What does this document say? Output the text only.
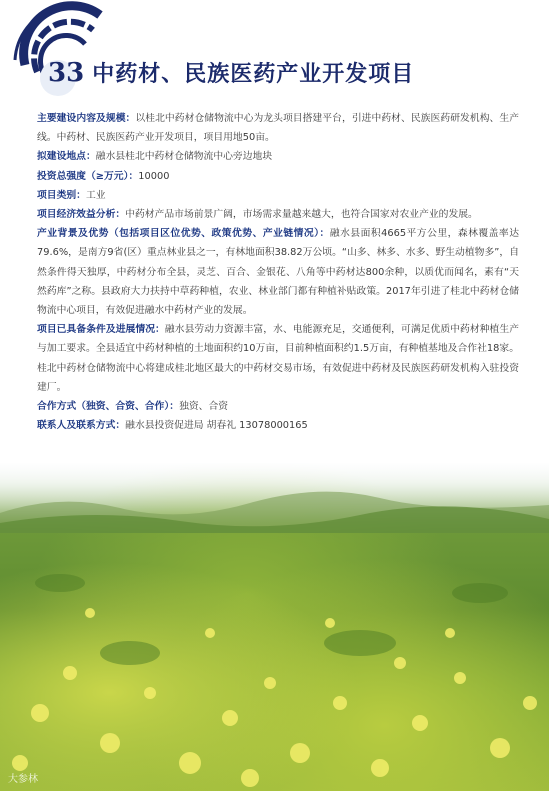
33 中药材、民族医药产业开发项目

主要建设内容及规模：以桂北中药材仓储物流中心为龙头项目搭建平台，引进中药材、民族医药研发机构、生产线。中药材、民族医药产业开发项目，项目用地50亩。

拟建设地点：融水县桂北中药材仓储物流中心旁边地块

投资总强度（≥万元）：10000

项目类别：工业

项目经济效益分析：中药材产品市场前景广阔，市场需求量越来越大，也符合国家对农业产业的发展。

产业背景及优势（包括项目区位优势、政策优势、产业链情况）：融水县面积4665平方公里，森林覆盖率达79.6%，是南方9省(区）重点林业县之一，有林地面积38.82万公顷。“山多、林多、水多、野生动植物多”，自然条件得天独厚，中药材分布全县，灵芝、百合、金银花、八角等中药材达800余种，以质优而闻名，素有“天然药库”之称。县政府大力扶持中草药种植，农业、林业部门都有种植补贴政策。2017年引进了桂北中药材仓储物流中心项目，有效促进融水中药材产业的发展。

项目已具备条件及进展情况：融水县劳动力资源丰富，水、电能源充足，交通便利，可满足优质中药材种植生产与加工要求。全县适宜中药材种植的土地面积约10万亩，目前种植面积约1.5万亩，有种植基地及合作社18家。桂北中药材仓储物流中心将建成桂北地区最大的中药材交易市场，有效促进中药材及民族医药研发机构入驻投资建厂。

合作方式（独资、合资、合作）：独资、合资

联系人及联系方式：融水县投资促进局 胡春礼 13078000165

大参林
